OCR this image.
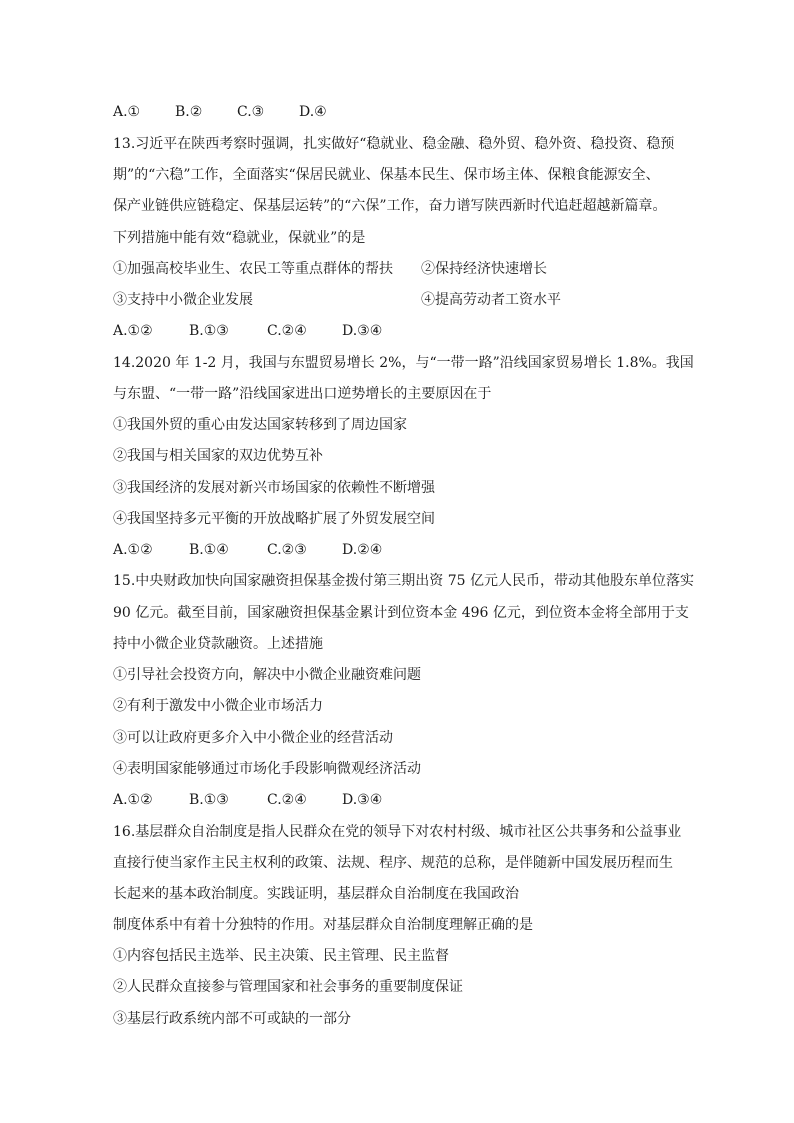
A.① B.② C.③ D.④
13.习近平在陕西考察时强调，扎实做好“稳就业、稳金融、稳外贸、稳外资、稳投资、稳预
期”的“六稳”工作，全面落实“保居民就业、保基本民生、保市场主体、保粮食能源安全、
保产业链供应链稳定、保基层运转”的“六保”工作，奋力谱写陕西新时代追赶超越新篇章。
下列措施中能有效“稳就业，保就业”的是
①加强高校毕业生、农民工等重点群体的帮扶 ②保持经济快速增长
③支持中小微企业发展	④提高劳动者工资水平
A.①②	B.①③	C.②④	D.③④
14.2020 年 1-2 月，我国与东盟贸易增长 2%，与“一带一路”沿线国家贸易增长 1.8%。我国
与东盟、“一带一路”沿线国家进出口逆势增长的主要原因在于
①我国外贸的重心由发达国家转移到了周边国家
②我国与相关国家的双边优势互补
③我国经济的发展对新兴市场国家的依赖性不断增强
④我国坚持多元平衡的开放战略扩展了外贸发展空间
A.①②	B.①④	C.②③	D.②④
15.中央财政加快向国家融资担保基金拨付第三期出资 75 亿元人民币，带动其他股东单位落实
90 亿元。截至目前，国家融资担保基金累计到位资本金 496 亿元，到位资本金将全部用于支
持中小微企业贷款融资。上述措施
①引导社会投资方向，解决中小微企业融资难问题
②有利于激发中小微企业市场活力
③可以让政府更多介入中小微企业的经营活动
④表明国家能够通过市场化手段影响微观经济活动
A.①②	B.①③	C.②④	D.③④
16.基层群众自治制度是指人民群众在党的领导下对农村村级、城市社区公共事务和公益事业
直接行使当家作主民主权利的政策、法规、程序、规范的总称，是伴随新中国发展历程而生
长起来的基本政治制度。实践证明，基层群众自治制度在我国政治
制度体系中有着十分独特的作用。对基层群众自治制度理解正确的是
①内容包括民主选举、民主决策、民主管理、民主监督
②人民群众直接参与管理国家和社会事务的重要制度保证
③基层行政系统内部不可或缺的一部分
